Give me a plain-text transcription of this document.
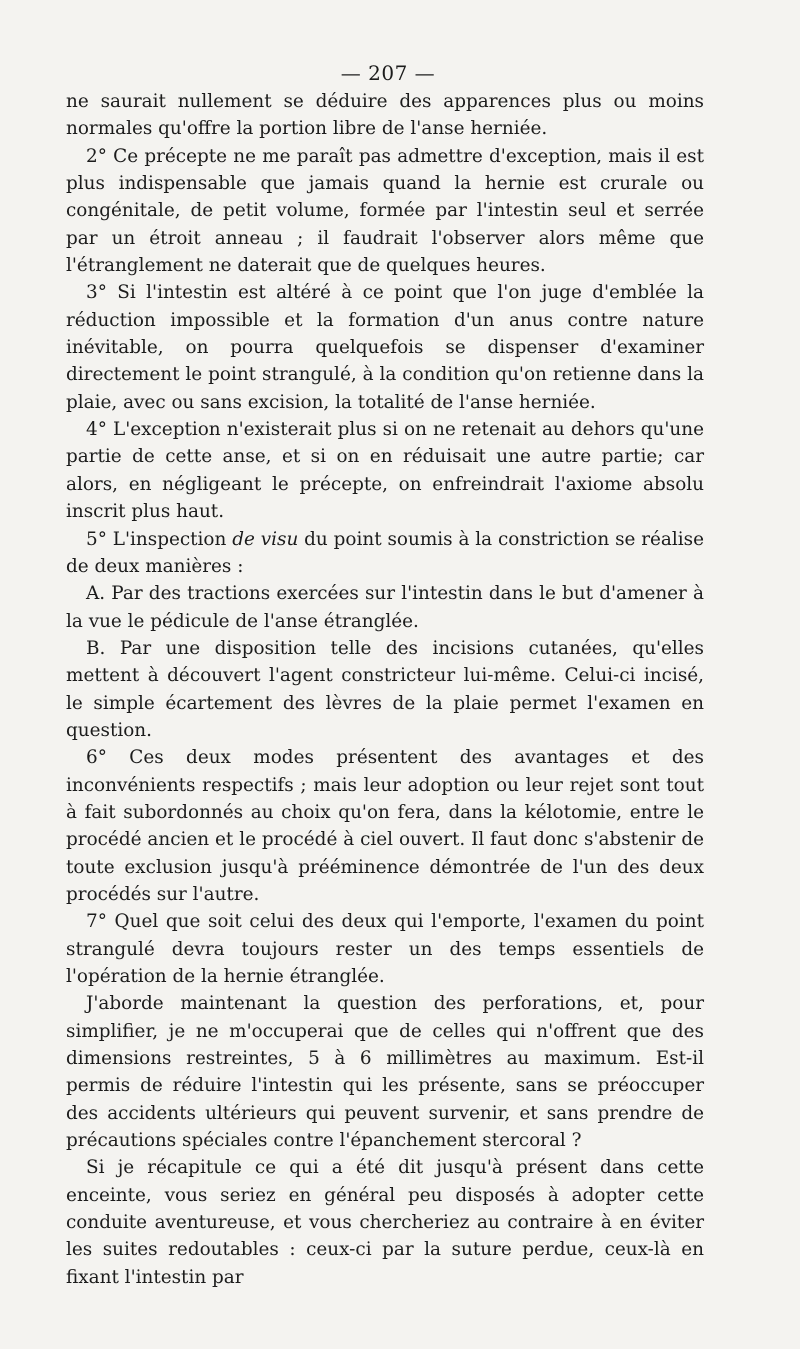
— 207 —

ne saurait nullement se déduire des apparences plus ou moins normales qu'offre la portion libre de l'anse herniée.

2° Ce précepte ne me paraît pas admettre d'exception, mais il est plus indispensable que jamais quand la hernie est crurale ou congénitale, de petit volume, formée par l'intestin seul et serrée par un étroit anneau ; il faudrait l'observer alors même que l'étranglement ne daterait que de quelques heures.

3° Si l'intestin est altéré à ce point que l'on juge d'emblée la réduction impossible et la formation d'un anus contre nature inévitable, on pourra quelquefois se dispenser d'examiner directement le point strangulé, à la condition qu'on retienne dans la plaie, avec ou sans excision, la totalité de l'anse herniée.

4° L'exception n'existerait plus si on ne retenait au dehors qu'une partie de cette anse, et si on en réduisait une autre partie; car alors, en négligeant le précepte, on enfreindrait l'axiome absolu inscrit plus haut.

5° L'inspection de visu du point soumis à la constriction se réalise de deux manières :

A. Par des tractions exercées sur l'intestin dans le but d'amener à la vue le pédicule de l'anse étranglée.

B. Par une disposition telle des incisions cutanées, qu'elles mettent à découvert l'agent constricteur lui-même. Celui-ci incisé, le simple écartement des lèvres de la plaie permet l'examen en question.

6° Ces deux modes présentent des avantages et des inconvénients respectifs ; mais leur adoption ou leur rejet sont tout à fait subordonnés au choix qu'on fera, dans la kélotomie, entre le procédé ancien et le procédé à ciel ouvert. Il faut donc s'abstenir de toute exclusion jusqu'à prééminence démontrée de l'un des deux procédés sur l'autre.

7° Quel que soit celui des deux qui l'emporte, l'examen du point strangulé devra toujours rester un des temps essentiels de l'opération de la hernie étranglée.

J'aborde maintenant la question des perforations, et, pour simplifier, je ne m'occuperai que de celles qui n'offrent que des dimensions restreintes, 5 à 6 millimètres au maximum. Est-il permis de réduire l'intestin qui les présente, sans se préoccuper des accidents ultérieurs qui peuvent survenir, et sans prendre de précautions spéciales contre l'épanchement stercoral ?

Si je récapitule ce qui a été dit jusqu'à présent dans cette enceinte, vous seriez en général peu disposés à adopter cette conduite aventureuse, et vous chercheriez au contraire à en éviter les suites redoutables : ceux-ci par la suture perdue, ceux-là en fixant l'intestin par
